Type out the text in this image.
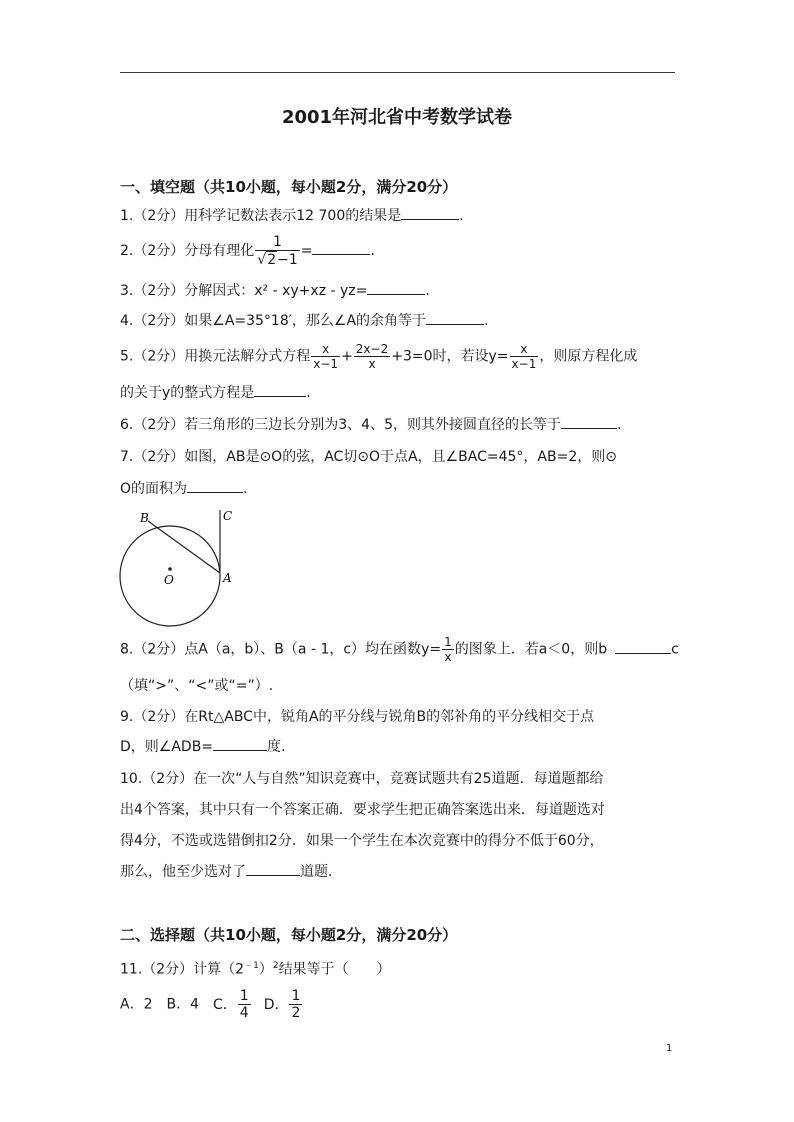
2001年河北省中考数学试卷
一、填空题（共10小题，每小题2分，满分20分）
1.（2分）用科学记数法表示12 700的结果是	.
2.（2分）分母有理化 $\frac{1}{√2-1}$ =	.
3.（2分）分解因式：x² - xy+xz - yz=	.
4.（2分）如果∠A=35°18′，那么∠A的余角等于	.
5.（2分）用换元法解分式方程 $\frac{x}{x-1} + \frac{2x-2}{x} +3=0$时，若设$y= \frac{x}{x-1}$ ，则原方程化成
的关于y的整式方程是	.
6.（2分）若三角形的三边长分别为3、4、5，则其外接圆直径的长等于	.
7.（2分）如图，AB是⊙O的弦，AC切⊙O于点A，且∠BAC=45°，AB=2，则⊙
O的面积为	.
B	C
O	A
8.（2分）点A（a，b）、B（a - 1，c）均在函数$y= \frac{1}{x}$ 的图象上．若a＜0，则b	c
（填“>”、“<”或“=”）.
9.（2分）在Rt△ABC中，锐角A的平分线与锐角B的邻补角的平分线相交于点
D，则∠ADB=	度.
10.（2分）在一次“人与自然”知识竞赛中，竞赛试题共有25道题．每道题都给
出4个答案，其中只有一个答案正确．要求学生把正确答案选出来．每道题选对
得4分，不选或选错倒扣2分．如果一个学生在本次竞赛中的得分不低于60分，
那么，他至少选对了	道题.
二、选择题（共10小题，每小题2分，满分20分）
11.（2分）计算$(2^{﹣1})^2$结果等于（　　）
A．2 B．4 C． $\frac{1}{4}$ D． $\frac{1}{2}$
1
